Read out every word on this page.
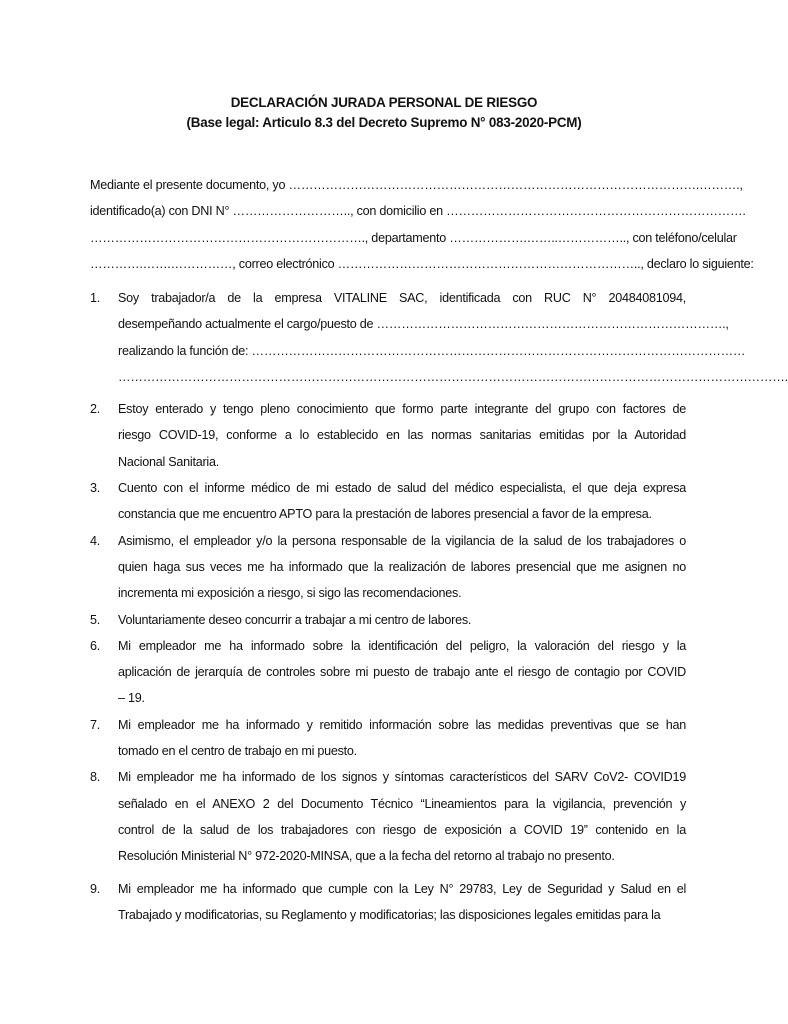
DECLARACIÓN JURADA PERSONAL DE RIESGO
(Base legal: Articulo 8.3 del Decreto Supremo N° 083-2020-PCM)
Mediante el presente documento, yo ……………………………………………………………………………………….……….,
identificado(a) con DNI N° ……………………….., con domicilio en ……………………………………………………………….
…………………………………………………………., departamento ……………….……..…………….., con teléfono/celular
………….…….……………, correo electrónico ……………………………………………………………….., declaro lo siguiente:
1. Soy trabajador/a de la empresa VITALINE SAC, identificada con RUC N° 20484081094,
desempeñando actualmente el cargo/puesto de ………………………………………………………………………….,
realizando la función de: …………………………………………………………………………………………………………
……………………………………………………………………………………………………………………………………………….
2. Estoy enterado y tengo pleno conocimiento que formo parte integrante del grupo con factores de
riesgo COVID-19, conforme a lo establecido en las normas sanitarias emitidas por la Autoridad
Nacional Sanitaria.
3. Cuento con el informe médico de mi estado de salud del médico especialista, el que deja expresa
constancia que me encuentro APTO para la prestación de labores presencial a favor de la empresa.
4. Asimismo, el empleador y/o la persona responsable de la vigilancia de la salud de los trabajadores o
quien haga sus veces me ha informado que la realización de labores presencial que me asignen no
incrementa mi exposición a riesgo, si sigo las recomendaciones.
5. Voluntariamente deseo concurrir a trabajar a mi centro de labores.
6. Mi empleador me ha informado sobre la identificación del peligro, la valoración del riesgo y la
aplicación de jerarquía de controles sobre mi puesto de trabajo ante el riesgo de contagio por COVID
– 19.
7. Mi empleador me ha informado y remitido información sobre las medidas preventivas que se han
tomado en el centro de trabajo en mi puesto.
8. Mi empleador me ha informado de los signos y síntomas característicos del SARV CoV2- COVID19
señalado en el ANEXO 2 del Documento Técnico “Lineamientos para la vigilancia, prevención y
control de la salud de los trabajadores con riesgo de exposición a COVID 19” contenido en la
Resolución Ministerial N° 972-2020-MINSA, que a la fecha del retorno al trabajo no presento.
9. Mi empleador me ha informado que cumple con la Ley N° 29783, Ley de Seguridad y Salud en el
Trabajado y modificatorias, su Reglamento y modificatorias; las disposiciones legales emitidas para la
